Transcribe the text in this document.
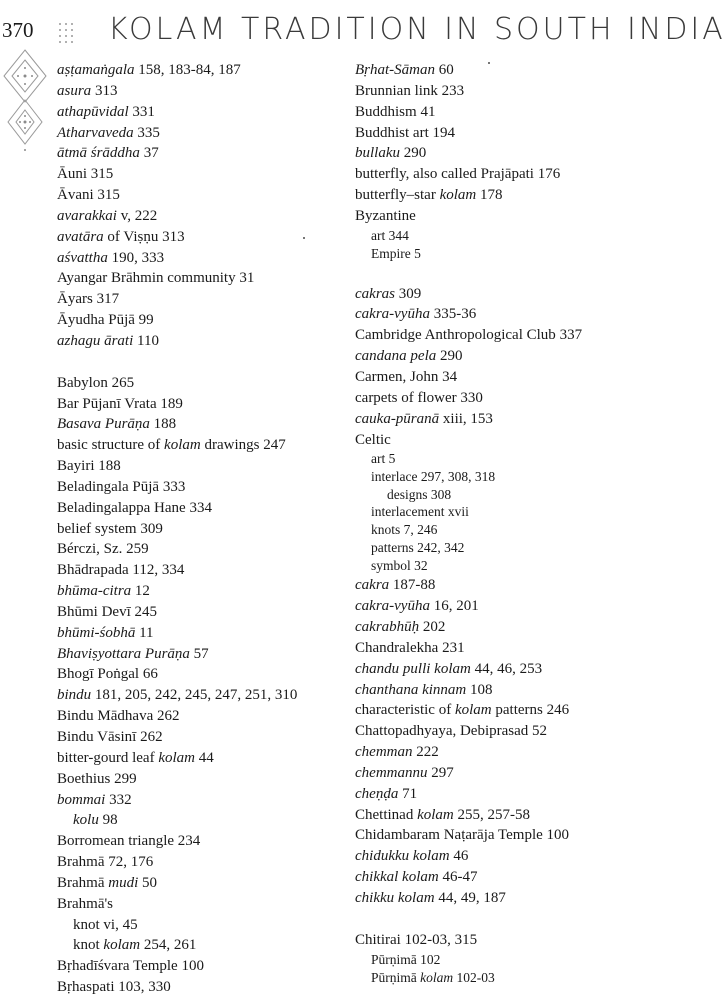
370 KOLAM TRADITION IN SOUTH INDIA
aṣṭamaṅgala 158, 183-84, 187
asura 313
athapūvidal 331
Atharvaveda 335
ātmā śrāddha 37
Āuni 315
Āvani 315
avarakkai v, 222
avatāra of Viṣṇu 313
aśvattha 190, 333
Ayangar Brāhmin community 31
Āyars 317
Āyudha Pūjā 99
azhagu ārati 110
Babylon 265
Bar Pūjanī Vrata 189
Basava Purāṇa 188
basic structure of kolam drawings 247
Bayiri 188
Beladingala Pūjā 333
Beladingalappa Hane 334
belief system 309
Bérczi, Sz. 259
Bhādrapada 112, 334
bhūma-citra 12
Bhūmi Devī 245
bhūmi-śobhā 11
Bhaviṣyottara Purāṇa 57
Bhogī Poṅgal 66
bindu 181, 205, 242, 245, 247, 251, 310
Bindu Mādhava 262
Bindu Vāsinī 262
bitter-gourd leaf kolam 44
Boethius 299
bommai 332
kolu 98
Borromean triangle 234
Brahmā 72, 176
Brahmā mudi 50
Brahmā's
knot vi, 45
knot kolam 254, 261
Bṛhadīśvara Temple 100
Bṛhaspati 103, 330
Bṛhat-Sāman 60
Brunnian link 233
Buddhism 41
Buddhist art 194
bullaku 290
butterfly, also called Prajāpati 176
butterfly–star kolam 178
Byzantine
art 344
Empire 5
cakras 309
cakra-vyūha 335-36
Cambridge Anthropological Club 337
candana pela 290
Carmen, John 34
carpets of flower 330
cauka-pūranā xiii, 153
Celtic
art 5
interlace 297, 308, 318
designs 308
interlacement xvii
knots 7, 246
patterns 242, 342
symbol 32
cakra 187-88
cakra-vyūha 16, 201
cakrabhūḥ 202
Chandralekha 231
chandu pulli kolam 44, 46, 253
chanthana kinnam 108
characteristic of kolam patterns 246
Chattopadhyaya, Debiprasad 52
chemman 222
chemmannu 297
cheṇḍa 71
Chettinad kolam 255, 257-58
Chidambaram Naṭarāja Temple 100
chidukku kolam 46
chikkal kolam 46-47
chikku kolam 44, 49, 187
Chitirai 102-03, 315
Pūrṇimā 102
Pūrṇimā kolam 102-03
